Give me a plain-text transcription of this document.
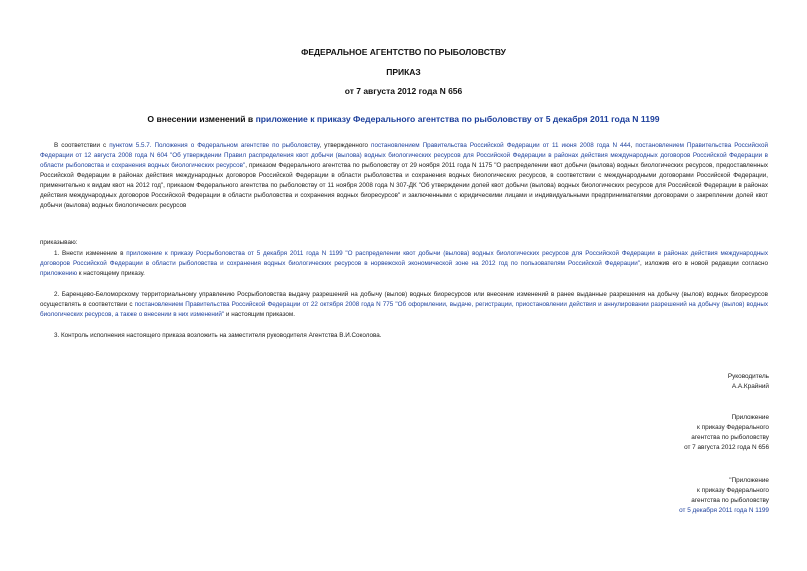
ФЕДЕРАЛЬНОЕ АГЕНТСТВО ПО РЫБОЛОВСТВУ
ПРИКАЗ
от 7 августа 2012 года N 656
О внесении изменений в приложение к приказу Федерального агентства по рыболовству от 5 декабря 2011 года N 1199
В соответствии с пунктом 5.5.7. Положения о Федеральном агентстве по рыболовству, утвержденного постановлением Правительства Российской Федерации от 11 июня 2008 года N 444, постановлением Правительства Российской Федерации от 12 августа 2008 года N 604 "Об утверждении Правил распределения квот добычи (вылова) водных биологических ресурсов для Российской Федерации в районах действия международных договоров Российской Федерации в области рыболовства и сохранения водных биологических ресурсов", приказом Федерального агентства по рыболовству от 29 ноября 2011 года N 1175 "О распределении квот добычи (вылова) водных биологических ресурсов, предоставленных Российской Федерации в районах действия международных договоров Российской Федерации в области рыболовства и сохранения водных биологических ресурсов, в соответствии с международными договорами Российской Федерации, применительно к видам квот на 2012 год", приказом Федерального агентства по рыболовству от 11 ноября 2008 года N 307-ДК "Об утверждении долей квот добычи (вылова) водных биологических ресурсов для Российской Федерации в районах действия международных договоров Российской Федерации в области рыболовства и сохранения водных биоресурсов" и заключенными с юридическими лицами и индивидуальными предпринимателями договорами о закреплении долей квот добычи (вылова) водных биологических ресурсов
приказываю:
1. Внести изменение в приложение к приказу Росрыболовства от 5 декабря 2011 года N 1199 "О распределении квот добычи (вылова) водных биологических ресурсов для Российской Федерации в районах действия международных договоров Российской Федерации в области рыболовства и сохранения водных биологических ресурсов в норвежской экономической зоне на 2012 год по пользователям Российской Федерации", изложив его в новой редакции согласно приложению к настоящему приказу.
2. Баренцево-Беломорскому территориальному управлению Росрыболовства выдачу разрешений на добычу (вылов) водных биоресурсов или внесение изменений в ранее выданные разрешения на добычу (вылов) водных биоресурсов осуществлять в соответствии с постановлением Правительства Российской Федерации от 22 октября 2008 года N 775 "Об оформлении, выдаче, регистрации, приостановлении действия и аннулировании разрешений на добычу (вылов) водных биологических ресурсов, а также о внесении в них изменений" и настоящим приказом.
3. Контроль исполнения настоящего приказа возложить на заместителя руководителя Агентства В.И.Соколова.
Руководитель
А.А.Крайний
Приложение
к приказу Федерального
агентства по рыболовству
от 7 августа 2012 года N 656
"Приложение
к приказу Федерального
агентства по рыболовству
от 5 декабря 2011 года N 1199
